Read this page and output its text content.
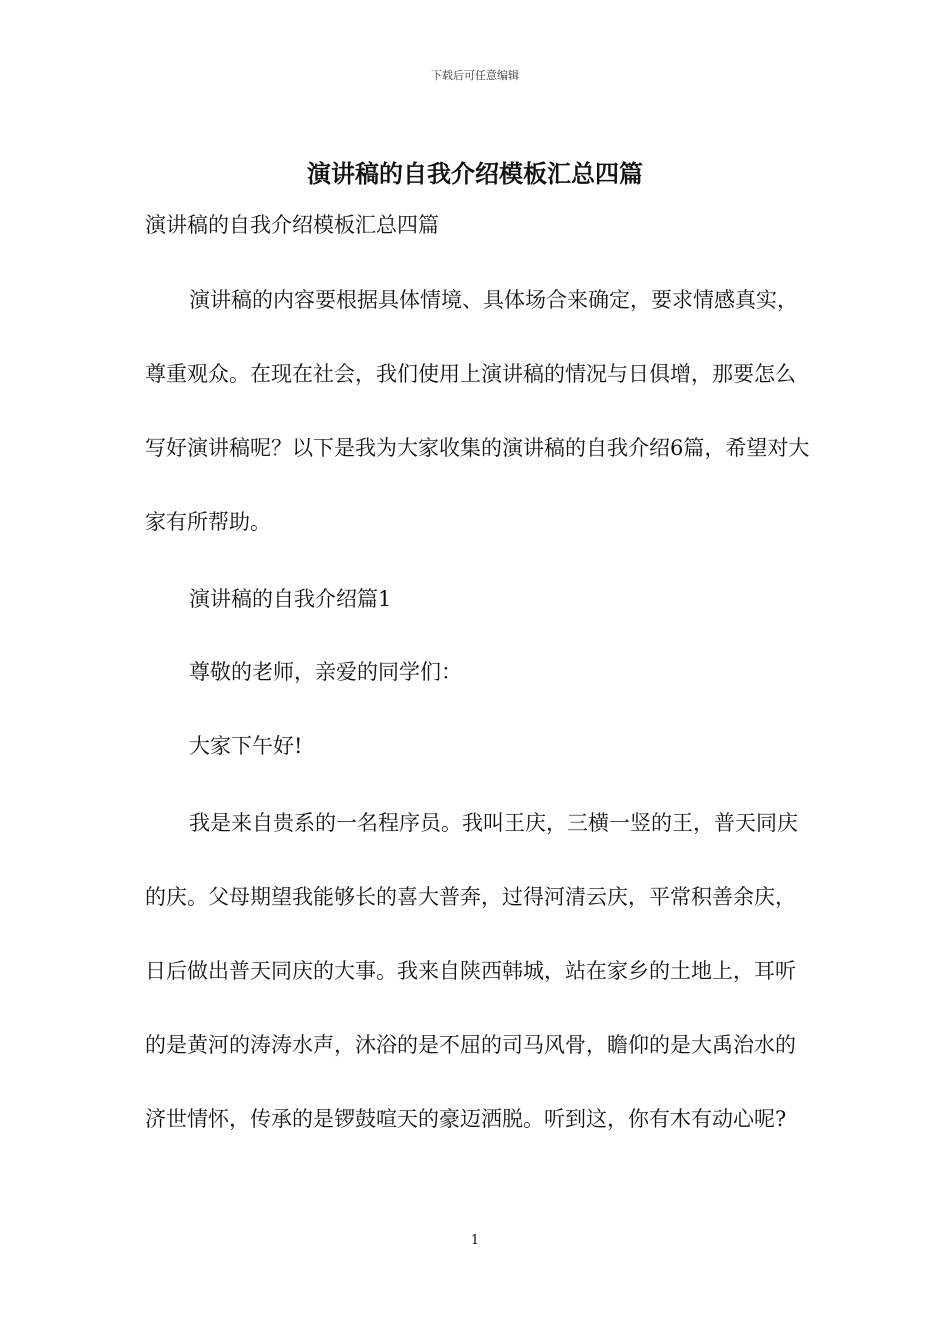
下载后可任意编辑
演讲稿的自我介绍模板汇总四篇

演讲稿的自我介绍模板汇总四篇

演讲稿的内容要根据具体情境、具体场合来确定，要求情感真实，尊重观众。在现在社会，我们使用上演讲稿的情况与日俱增，那要怎么写好演讲稿呢？以下是我为大家收集的演讲稿的自我介绍6篇，希望对大家有所帮助。

演讲稿的自我介绍篇1

尊敬的老师，亲爱的同学们：

大家下午好!

我是来自贵系的一名程序员。我叫王庆，三横一竖的王，普天同庆的庆。父母期望我能够长的喜大普奔，过得河清云庆，平常积善余庆，日后做出普天同庆的大事。我来自陕西韩城，站在家乡的土地上，耳听的是黄河的涛涛水声，沐浴的是不屈的司马风骨，瞻仰的是大禹治水的济世情怀，传承的是锣鼓喧天的豪迈洒脱。听到这，你有木有动心呢?

1
